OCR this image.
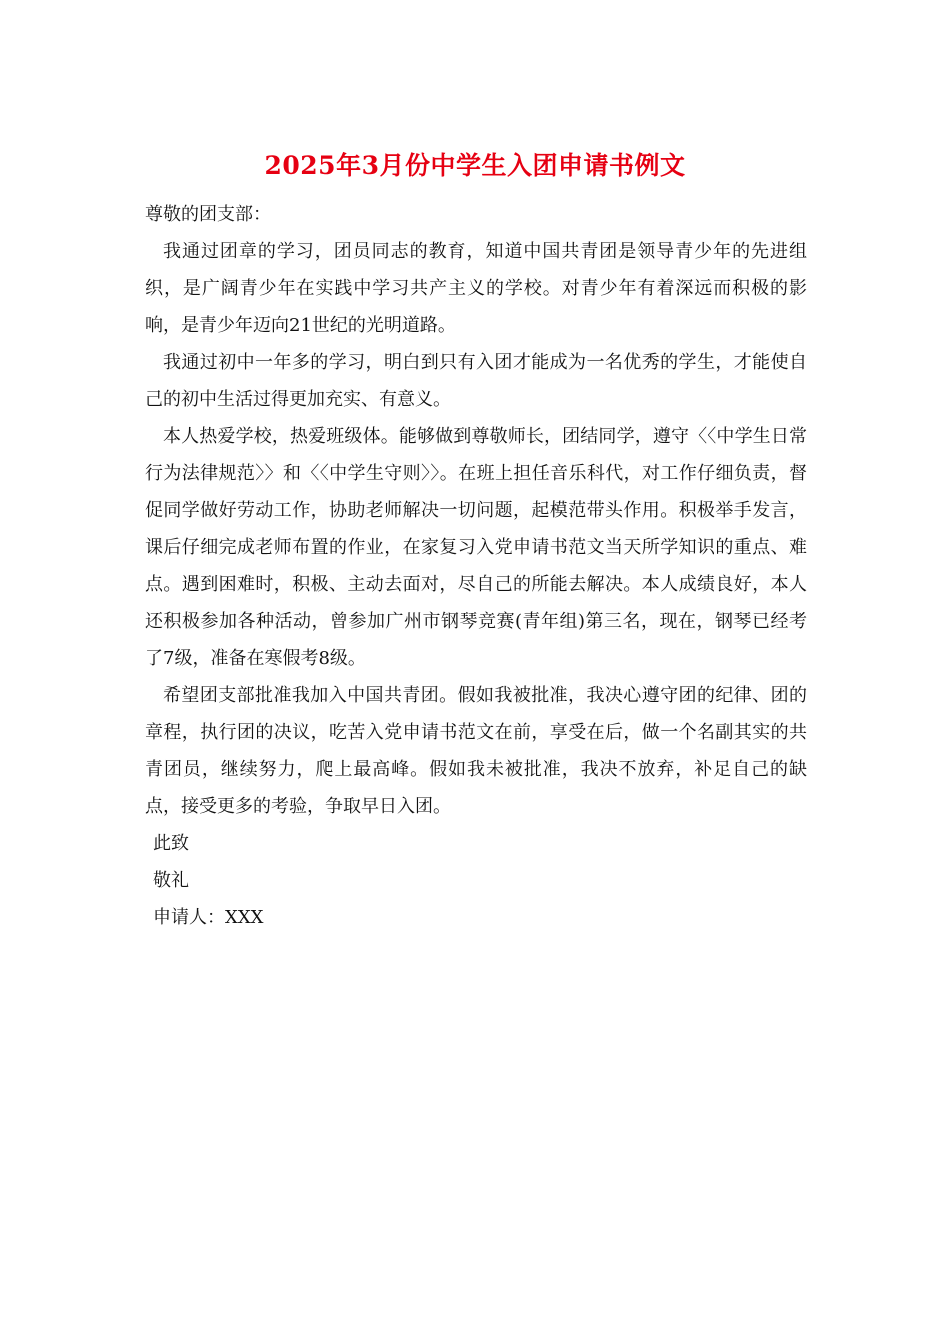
2025年3月份中学生入团申请书例文

尊敬的团支部：

我通过团章的学习，团员同志的教育，知道中国共青团是领导青少年的先进组织，是广阔青少年在实践中学习共产主义的学校。对青少年有着深远而积极的影响，是青少年迈向21世纪的光明道路。

我通过初中一年多的学习，明白到只有入团才能成为一名优秀的学生，才能使自己的初中生活过得更加充实、有意义。

本人热爱学校，热爱班级体。能够做到尊敬师长，团结同学，遵守〈〈中学生日常行为法律规范〉〉和〈〈中学生守则〉〉。在班上担任音乐科代，对工作仔细负责，督促同学做好劳动工作，协助老师解决一切问题，起模范带头作用。积极举手发言，课后仔细完成老师布置的作业，在家复习入党申请书范文当天所学知识的重点、难点。遇到困难时，积极、主动去面对，尽自己的所能去解决。本人成绩良好，本人还积极参加各种活动，曾参加广州市钢琴竞赛(青年组)第三名，现在，钢琴已经考了7级，准备在寒假考8级。

希望团支部批准我加入中国共青团。假如我被批准，我决心遵守团的纪律、团的章程，执行团的决议，吃苦入党申请书范文在前，享受在后，做一个名副其实的共青团员，继续努力，爬上最高峰。假如我未被批准，我决不放弃，补足自己的缺点，接受更多的考验，争取早日入团。

此致

敬礼

申请人：XXX
